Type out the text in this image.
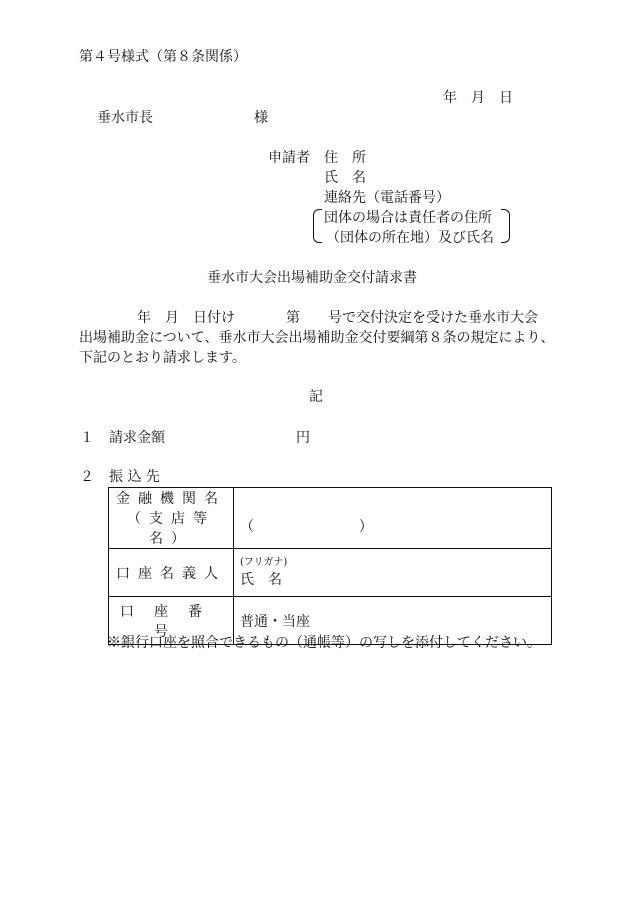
第４号様式（第８条関係）
年　月　日
垂水市長	様
申請者 住　所
氏　名
連絡先（電話番号）
団体の場合は責任者の住所
（団体の所在地）及び氏名
垂水市大会出場補助金交付請求書
年　月　日付け	第 号で交付決定を受けた垂水市大会
出場補助金について、垂水市大会出場補助金交付要綱第８条の規定により、
下記のとおり請求します。
記
１ 請求金額	円
２ 振 込 先
金融機関名
（支店等名）	（ ）

口座名義人	(フリガナ)
氏　名
口座番号	普通・当座
※銀行口座を照合できるもの（通帳等）の写しを添付してください。
